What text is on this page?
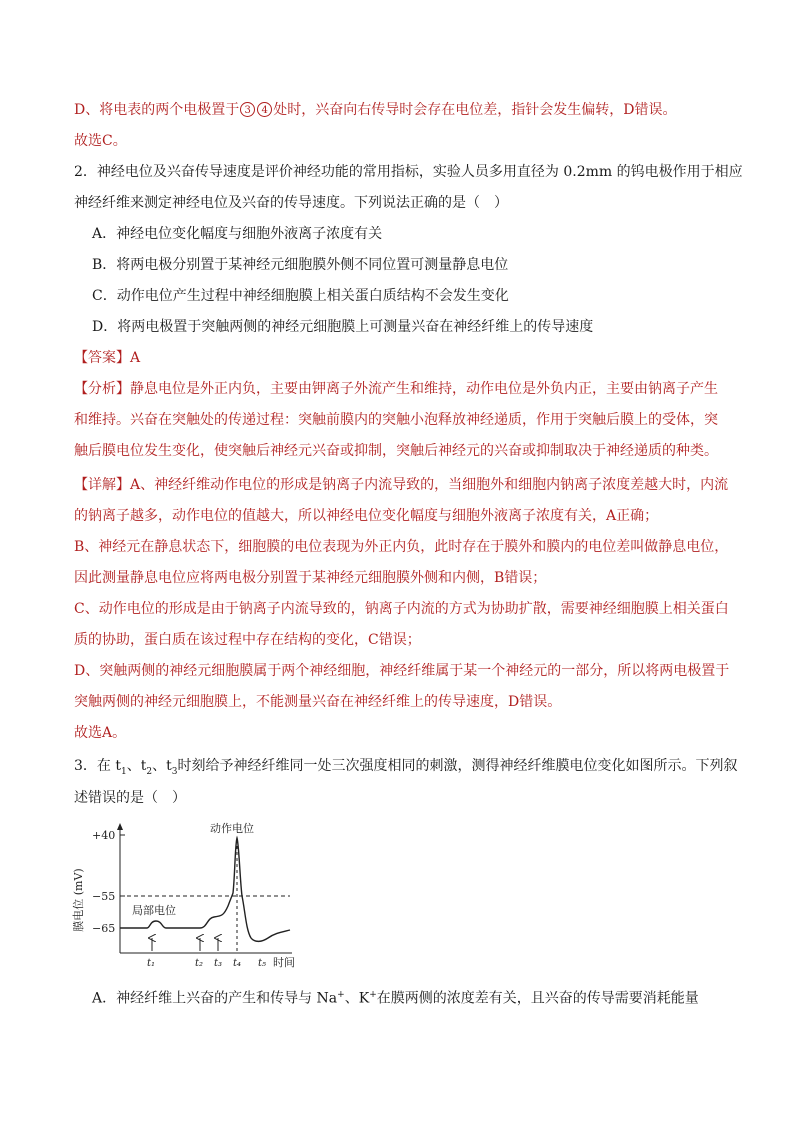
D、将电表的两个电极置于 3 4 处时，兴奋向右传导时会存在电位差，指针会发生偏转，D错误。
故选C。
2．神经电位及兴奋传导速度是评价神经功能的常用指标，实验人员多用直径为 0.2mm 的钨电极作用于相应
神经纤维来测定神经电位及兴奋的传导速度。下列说法正确的是（　）
A．神经电位变化幅度与细胞外液离子浓度有关
B．将两电极分别置于某神经元细胞膜外侧不同位置可测量静息电位
C．动作电位产生过程中神经细胞膜上相关蛋白质结构不会发生变化
D．将两电极置于突触两侧的神经元细胞膜上可测量兴奋在神经纤维上的传导速度
【答案】A
【分析】静息电位是外正内负，主要由钾离子外流产生和维持，动作电位是外负内正，主要由钠离子产生
和维持。兴奋在突触处的传递过程：突触前膜内的突触小泡释放神经递质，作用于突触后膜上的受体，突
触后膜电位发生变化，使突触后神经元兴奋或抑制，突触后神经元的兴奋或抑制取决于神经递质的种类。
【详解】A、神经纤维动作电位的形成是钠离子内流导致的，当细胞外和细胞内钠离子浓度差越大时，内流
的钠离子越多，动作电位的值越大，所以神经电位变化幅度与细胞外液离子浓度有关，A正确；
B、神经元在静息状态下，细胞膜的电位表现为外正内负，此时存在于膜外和膜内的电位差叫做静息电位，
因此测量静息电位应将两电极分别置于某神经元细胞膜外侧和内侧，B错误；
C、动作电位的形成是由于钠离子内流导致的，钠离子内流的方式为协助扩散，需要神经细胞膜上相关蛋白
质的协助，蛋白质在该过程中存在结构的变化，C错误；
D、突触两侧的神经元细胞膜属于两个神经细胞，神经纤维属于某一个神经元的一部分，所以将两电极置于
突触两侧的神经元细胞膜上，不能测量兴奋在神经纤维上的传导速度，D错误。
故选A。
3．在 $t_1$、$t_2$、$t_3$时刻给予神经纤维同一处三次强度相同的刺激，测得神经纤维膜电位变化如图所示。下列叙
述错误的是（　）
膜电位 (mV)
时间
+40
−55
−65
动作电位
局部电位
t₁	t₂ t₃ t₄ t₅
A．神经纤维上兴奋的产生和传导与 Na+、K+在膜两侧的浓度差有关，且兴奋的传导需要消耗能量
